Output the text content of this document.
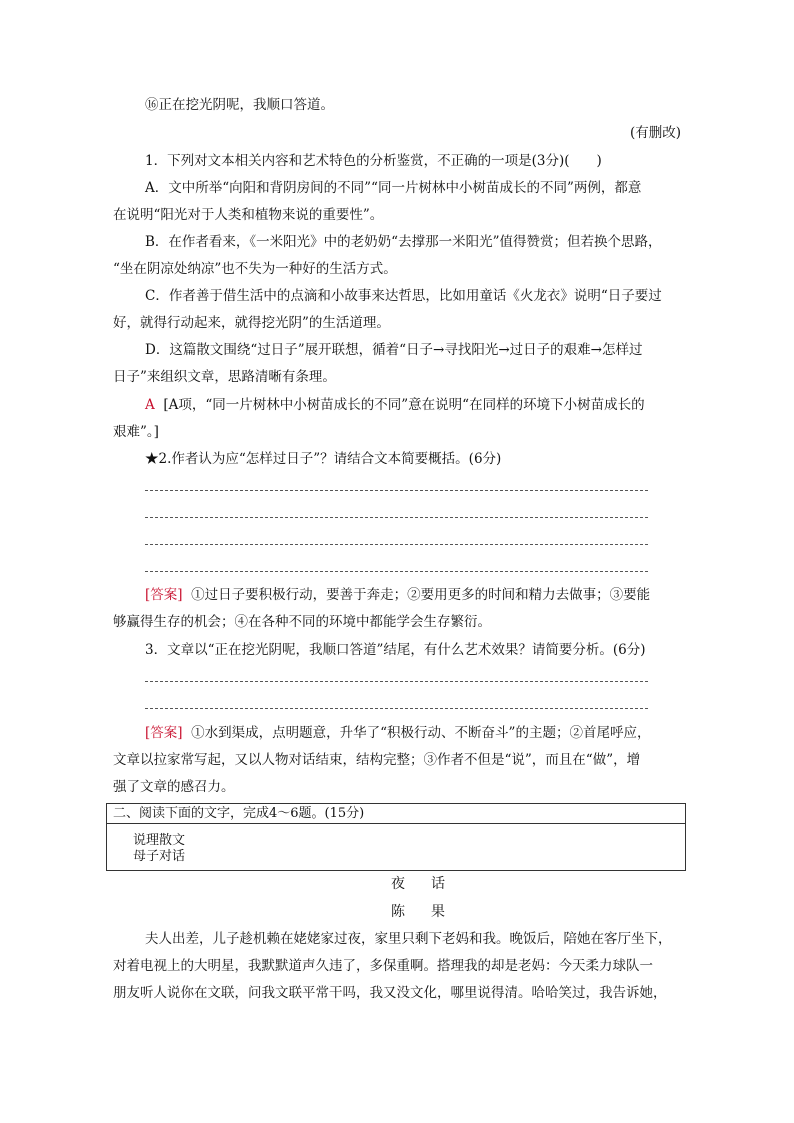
⑯正在挖光阴呢，我顺口答道。
(有删改)
1．下列对文本相关内容和艺术特色的分析鉴赏，不正确的一项是(3分)(　　)
A．文中所举“向阳和背阴房间的不同”“同一片树林中小树苗成长的不同”两例，都意
在说明“阳光对于人类和植物来说的重要性”。
B．在作者看来，《一米阳光》中的老奶奶“去撑那一米阳光”值得赞赏；但若换个思路，
“坐在阴凉处纳凉”也不失为一种好的生活方式。
C．作者善于借生活中的点滴和小故事来达哲思，比如用童话《火龙衣》说明“日子要过
好，就得行动起来，就得挖光阴”的生活道理。
D．这篇散文围绕“过日子”展开联想，循着“日子→寻找阳光→过日子的艰难→怎样过
日子”来组织文章，思路清晰有条理。
A [A项，“同一片树林中小树苗成长的不同”意在说明“在同样的环境下小树苗成长的
艰难”。]
★2.作者认为应“怎样过日子”？请结合文本简要概括。(6分)
[答案] ①过日子要积极行动，要善于奔走；②要用更多的时间和精力去做事；③要能
够赢得生存的机会；④在各种不同的环境中都能学会生存繁衍。
3．文章以“正在挖光阴呢，我顺口答道”结尾，有什么艺术效果？请简要分析。(6分)
[答案] ①水到渠成，点明题意，升华了“积极行动、不断奋斗”的主题；②首尾呼应，
文章以拉家常写起，又以人物对话结束，结构完整；③作者不但是“说”，而且在“做”，增
强了文章的感召力。
二、阅读下面的文字，完成4～6题。(15分)
说理散文
母子对话
夜　话
陈　果
夫人出差，儿子趁机赖在姥姥家过夜，家里只剩下老妈和我。晚饭后，陪她在客厅坐下，
对着电视上的大明星，我默默道声久违了，多保重啊。搭理我的却是老妈：今天柔力球队一
朋友听人说你在文联，问我文联平常干吗，我又没文化，哪里说得清。哈哈笑过，我告诉她，
